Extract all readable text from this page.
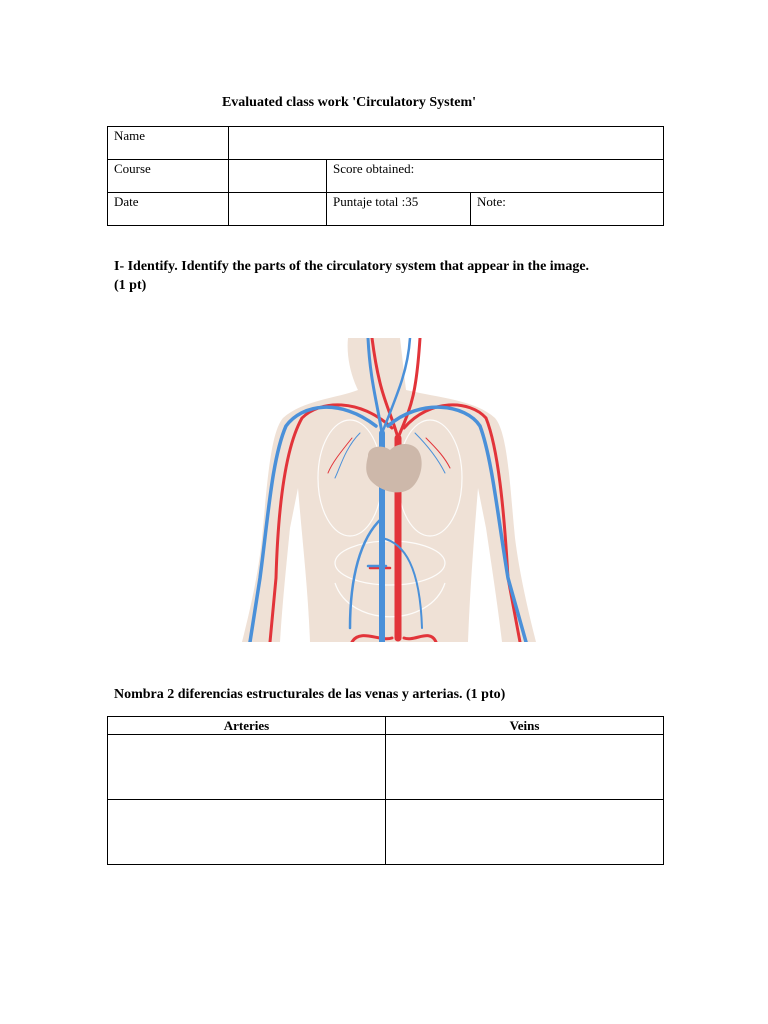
Evaluated class work 'Circulatory System'
Name			
Course		Score obtained:	
Date		Puntaje total :35	Note:
I- Identify. Identify the parts of the circulatory system that appear in the image. (1 pt)
Nombra 2 diferencias estructurales de las venas y arterias. (1 pto)
Arteries	Veins
